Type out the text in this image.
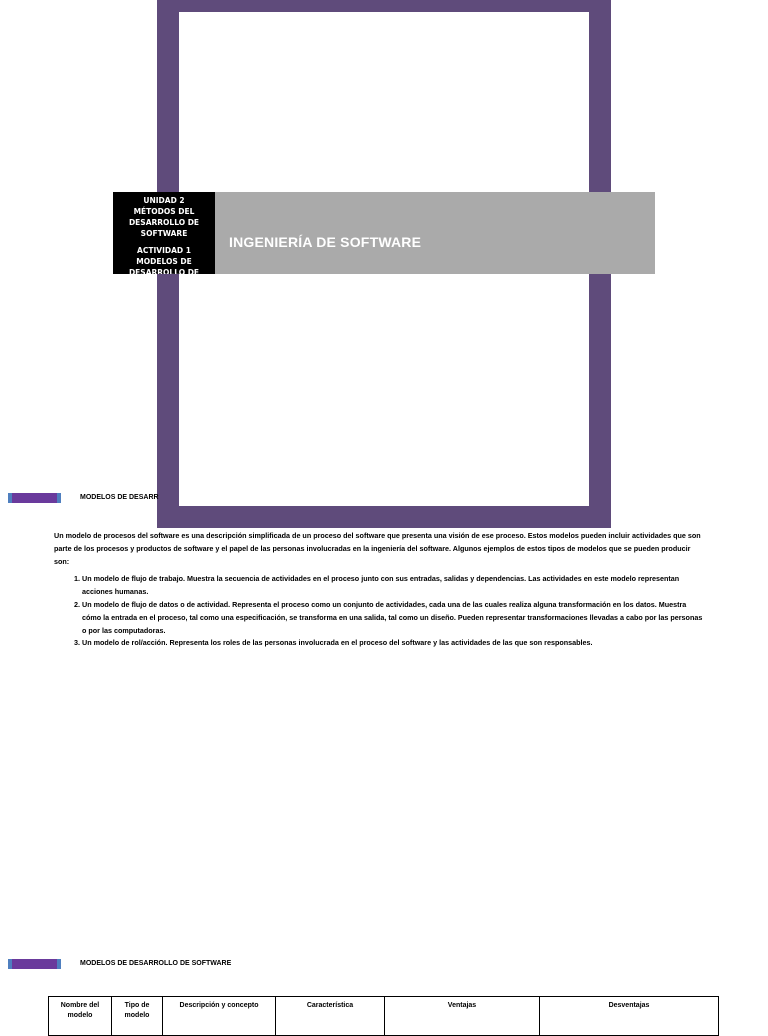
UNIDAD 2
MÉTODOS DEL
DESARROLLO DE
SOFTWARE
ACTIVIDAD 1
MODELOS DE
DESARROLLO DE
INGENIERÍA DE SOFTWARE
MODELOS DE DESARR

Un modelo de procesos del software es una descripción simplificada de un proceso del software que presenta una visión de ese proceso. Estos modelos pueden incluir actividades que son parte de los procesos y productos de software y el papel de las personas involucradas en la ingeniería del software. Algunos ejemplos de estos tipos de modelos que se pueden producir son:

1. Un modelo de flujo de trabajo. Muestra la secuencia de actividades en el proceso junto con sus entradas, salidas y dependencias. Las actividades en este modelo representan acciones humanas.
2. Un modelo de flujo de datos o de actividad. Representa el proceso como un conjunto de actividades, cada una de las cuales realiza alguna transformación en los datos. Muestra cómo la entrada en el proceso, tal como una especificación, se transforma en una salida, tal como un diseño. Pueden representar transformaciones llevadas a cabo por las personas o por las computadoras.
3. Un modelo de rol/acción. Representa los roles de las personas involucrada en el proceso del software y las actividades de las que son responsables.
MODELOS DE DESARROLLO DE SOFTWARE
Nombre del modelo	Tipo de modelo	Descripción y concepto	Característica	Ventajas	Desventajas
